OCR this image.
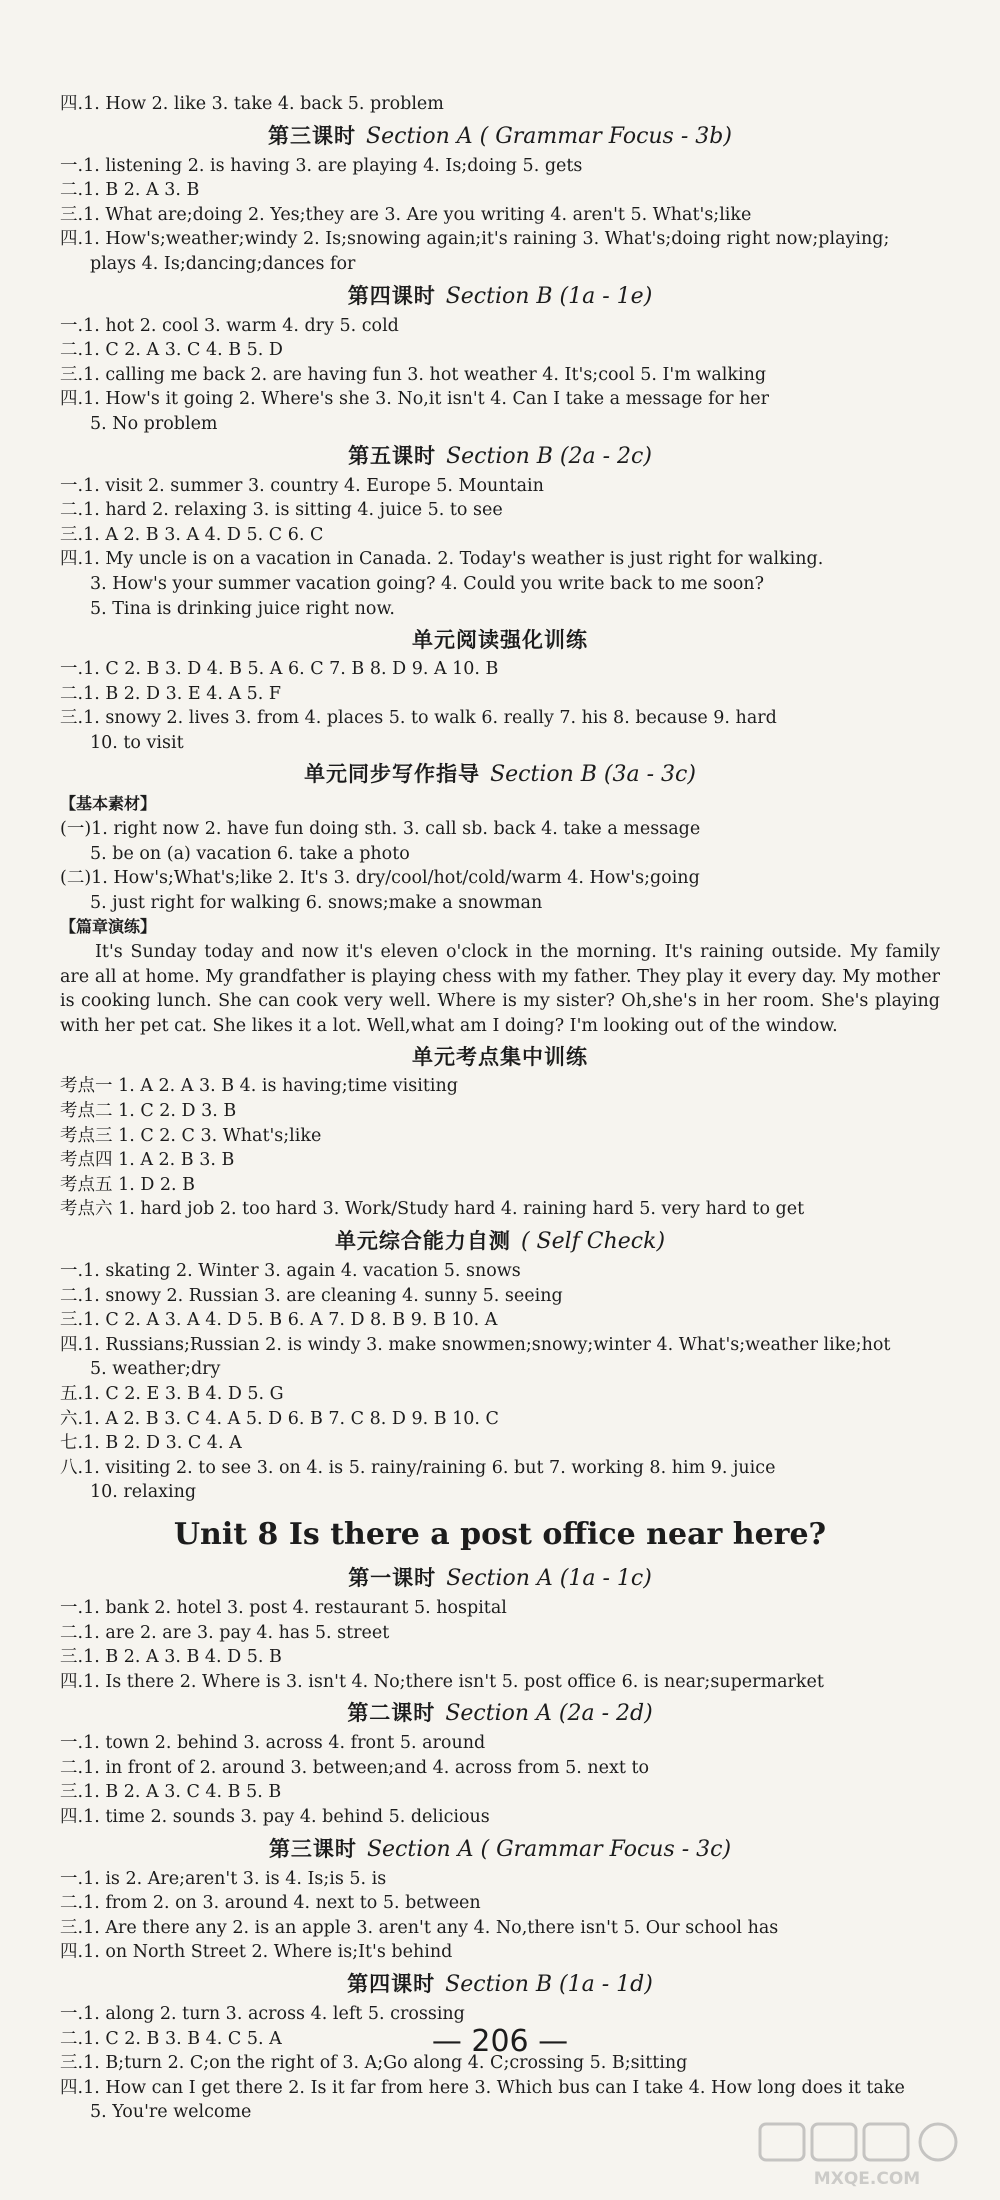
四.1. How 2. like 3. take 4. back 5. problem
第三课时 Section A ( Grammar Focus - 3b)
一.1. listening 2. is having 3. are playing 4. Is;doing 5. gets
二.1. B 2. A 3. B
三.1. What are;doing 2. Yes;they are 3. Are you writing 4. aren't 5. What's;like
四.1. How's;weather;windy 2. Is;snowing again;it's raining 3. What's;doing right now;playing;
plays 4. Is;dancing;dances for
第四课时 Section B (1a - 1e)
一.1. hot 2. cool 3. warm 4. dry 5. cold
二.1. C 2. A 3. C 4. B 5. D
三.1. calling me back 2. are having fun 3. hot weather 4. It's;cool 5. I'm walking
四.1. How's it going 2. Where's she 3. No,it isn't 4. Can I take a message for her
5. No problem
第五课时 Section B (2a - 2c)
一.1. visit 2. summer 3. country 4. Europe 5. Mountain
二.1. hard 2. relaxing 3. is sitting 4. juice 5. to see
三.1. A 2. B 3. A 4. D 5. C 6. C
四.1. My uncle is on a vacation in Canada. 2. Today's weather is just right for walking.
3. How's your summer vacation going? 4. Could you write back to me soon?
5. Tina is drinking juice right now.
单元阅读强化训练
一.1. C 2. B 3. D 4. B 5. A 6. C 7. B 8. D 9. A 10. B
二.1. B 2. D 3. E 4. A 5. F
三.1. snowy 2. lives 3. from 4. places 5. to walk 6. really 7. his 8. because 9. hard
10. to visit
单元同步写作指导 Section B (3a - 3c)
【基本素材】
(一)1. right now 2. have fun doing sth. 3. call sb. back 4. take a message
5. be on (a) vacation 6. take a photo
(二)1. How's;What's;like 2. It's 3. dry/cool/hot/cold/warm 4. How's;going
5. just right for walking 6. snows;make a snowman
【篇章演练】
It's Sunday today and now it's eleven o'clock in the morning. It's raining outside. My family are all at home. My grandfather is playing chess with my father. They play it every day. My mother is cooking lunch. She can cook very well. Where is my sister? Oh,she's in her room. She's playing with her pet cat. She likes it a lot. Well,what am I doing? I'm looking out of the window.
单元考点集中训练
考点一 1. A 2. A 3. B 4. is having;time visiting
考点二 1. C 2. D 3. B
考点三 1. C 2. C 3. What's;like
考点四 1. A 2. B 3. B
考点五 1. D 2. B
考点六 1. hard job 2. too hard 3. Work/Study hard 4. raining hard 5. very hard to get
单元综合能力自测 ( Self Check)
一.1. skating 2. Winter 3. again 4. vacation 5. snows
二.1. snowy 2. Russian 3. are cleaning 4. sunny 5. seeing
三.1. C 2. A 3. A 4. D 5. B 6. A 7. D 8. B 9. B 10. A
四.1. Russians;Russian 2. is windy 3. make snowmen;snowy;winter 4. What's;weather like;hot
5. weather;dry
五.1. C 2. E 3. B 4. D 5. G
六.1. A 2. B 3. C 4. A 5. D 6. B 7. C 8. D 9. B 10. C
七.1. B 2. D 3. C 4. A
八.1. visiting 2. to see 3. on 4. is 5. rainy/raining 6. but 7. working 8. him 9. juice
10. relaxing
Unit 8 Is there a post office near here?
第一课时 Section A (1a - 1c)
一.1. bank 2. hotel 3. post 4. restaurant 5. hospital
二.1. are 2. are 3. pay 4. has 5. street
三.1. B 2. A 3. B 4. D 5. B
四.1. Is there 2. Where is 3. isn't 4. No;there isn't 5. post office 6. is near;supermarket
第二课时 Section A (2a - 2d)
一.1. town 2. behind 3. across 4. front 5. around
二.1. in front of 2. around 3. between;and 4. across from 5. next to
三.1. B 2. A 3. C 4. B 5. B
四.1. time 2. sounds 3. pay 4. behind 5. delicious
第三课时 Section A ( Grammar Focus - 3c)
一.1. is 2. Are;aren't 3. is 4. Is;is 5. is
二.1. from 2. on 3. around 4. next to 5. between
三.1. Are there any 2. is an apple 3. aren't any 4. No,there isn't 5. Our school has
四.1. on North Street 2. Where is;It's behind
第四课时 Section B (1a - 1d)
一.1. along 2. turn 3. across 4. left 5. crossing
二.1. C 2. B 3. B 4. C 5. A
三.1. B;turn 2. C;on the right of 3. A;Go along 4. C;crossing 5. B;sitting
四.1. How can I get there 2. Is it far from here 3. Which bus can I take 4. How long does it take
5. You're welcome
— 206 —
MXQE.COM
